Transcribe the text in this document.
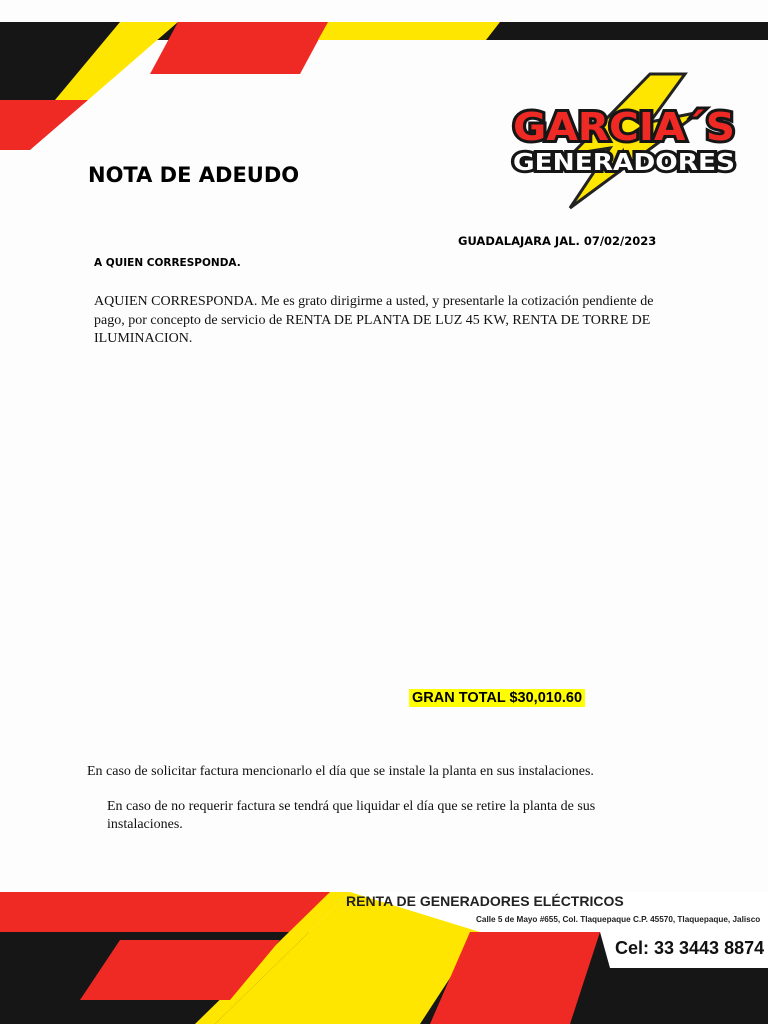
GARCIA´S
GENERADORES
NOTA DE ADEUDO
GUADALAJARA JAL. 07/02/2023
A QUIEN CORRESPONDA.

AQUIEN CORRESPONDA. Me es grato dirigirme a usted, y presentarle la cotización pendiente de pago, por concepto de servicio de RENTA DE PLANTA DE LUZ 45 KW, RENTA DE TORRE DE ILUMINACION.

GRAN TOTAL $30,010.60

En caso de solicitar factura mencionarlo el día que se instale la planta en sus instalaciones.

En caso de no requerir factura se tendrá que liquidar el día que se retire la planta de sus instalaciones.

RENTA DE GENERADORES ELÉCTRICOS
Calle 5 de Mayo #655, Col. Tlaquepaque C.P. 45570, Tlaquepaque, Jalisco
Cel: 33 3443 8874
